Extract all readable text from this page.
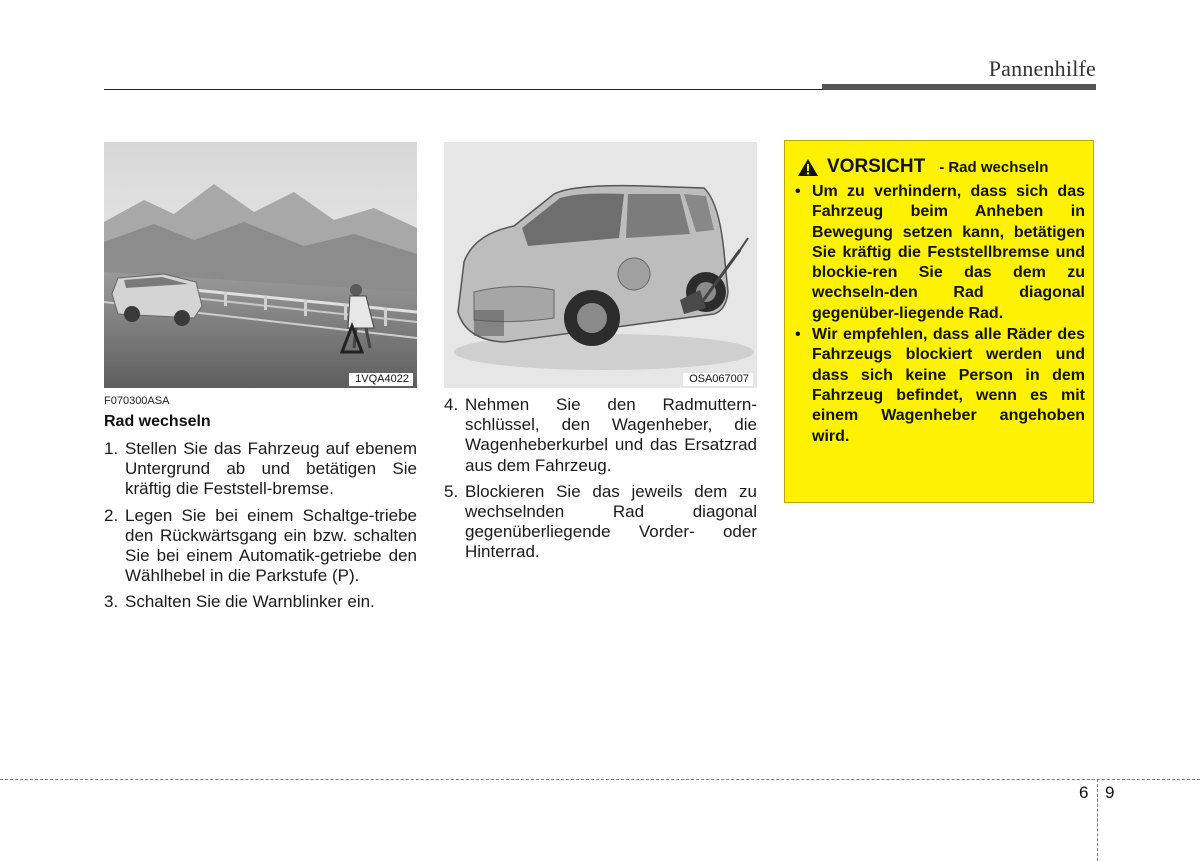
Pannenhilfe
1VQA4022
F070300ASA
OSA067007
Rad wechseln
1. Stellen Sie das Fahrzeug auf ebenem Untergrund ab und betätigen Sie kräftig die Feststell-bremse.
2. Legen Sie bei einem Schaltge-triebe den Rückwärtsgang ein bzw. schalten Sie bei einem Automatik-getriebe den Wählhebel in die Parkstufe (P).
3. Schalten Sie die Warnblinker ein.
4. Nehmen Sie den Radmuttern-schlüssel, den Wagenheber, die Wagenheberkurbel und das Ersatzrad aus dem Fahrzeug.
5. Blockieren Sie das jeweils dem zu wechselnden Rad diagonal gegenüberliegende Vorder- oder Hinterrad.
VORSICHT - Rad wechseln
• Um zu verhindern, dass sich das Fahrzeug beim Anheben in Bewegung setzen kann, betätigen Sie kräftig die Feststellbremse und blockie-ren Sie das dem zu wechseln-den Rad diagonal gegenüber-liegende Rad.
• Wir empfehlen, dass alle Räder des Fahrzeugs blockiert werden und dass sich keine Person in dem Fahrzeug befindet, wenn es mit einem Wagenheber angehoben wird.
6 9
